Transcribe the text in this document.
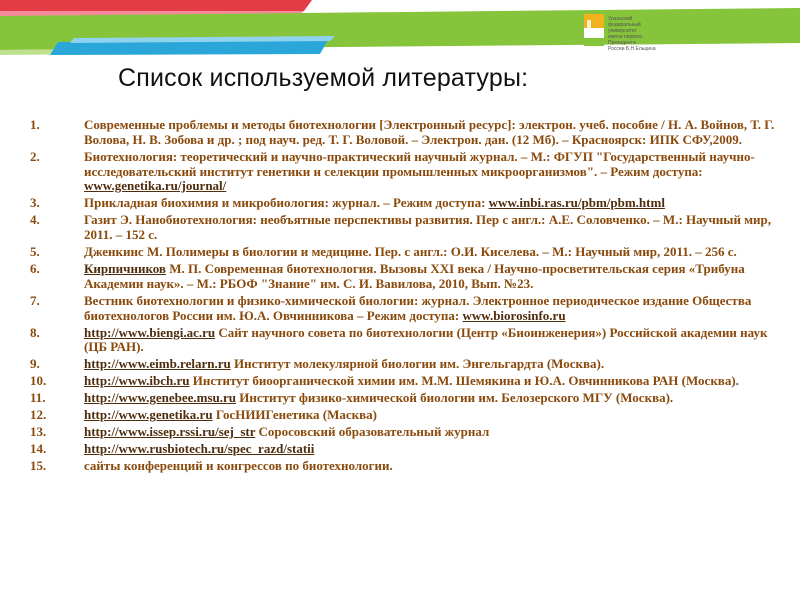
Уральский
федеральный
университет
имени первого Президента
России Б.Н.Ельцина
Список используемой литературы:
1.	Современные проблемы и методы биотехнологии [Электронный ресурс]: электрон. учеб. пособие / Н. А. Войнов, Т. Г. Волова, Н. В. Зобова и др. ; под науч. ред. Т. Г. Воловой. – Электрон. дан. (12 Мб). – Красноярск: ИПК СФУ,2009.
2.	Биотехнология: теоретический и научно-практический научный журнал. – М.: ФГУП "Государственный научно-исследовательский институт генетики и селекции промышленных микроорганизмов". – Режим доступа: www.genetika.ru/journal/
3.	Прикладная биохимия и микробиология: журнал. – Режим доступа: www.inbi.ras.ru/pbm/pbm.html
4.	Газит Э. Нанобиотехнология: необъятные перспективы развития. Пер с англ.: А.Е. Соловченко. – М.: Научный мир, 2011. – 152 с.
5.	Дженкинс М. Полимеры в биологии и медицине. Пер. с англ.: О.И. Киселева. – М.: Научный мир, 2011. – 256 с.
6.	Кирпичников М. П. Современная биотехнология. Вызовы XXI века / Научно-просветительская серия «Трибуна Академии наук». – М.: РБОФ "Знание" им. С. И. Вавилова, 2010, Вып. №23.
7.	Вестник биотехнологии и физико-химической биологии: журнал. Электронное периодическое издание Общества биотехнологов России им. Ю.А. Овчинникова – Режим доступа: www.biorosinfo.ru
8.	http://www.biengi.ac.ru Сайт научного совета по биотехнологии (Центр «Биоинженерия») Российской академии наук (ЦБ РАН).
9.	http://www.eimb.relarn.ru Институт молекулярной биологии им. Энгельгардта (Москва).
10.	http://www.ibch.ru Институт биоорганической химии им. М.М. Шемякина и Ю.А. Овчинникова РАН (Москва).
11.	http://www.genebee.msu.ru Институт физико-химической биологии им. Белозерского МГУ (Москва).
12.	http://www.genetika.ru ГосНИИГенетика (Масква)
13.	http://www.issep.rssi.ru/sej_str Соросовский образовательный журнал
14.	http://www.rusbiotech.ru/spec_razd/statii
15.	сайты конференций и конгрессов по биотехнологии.
